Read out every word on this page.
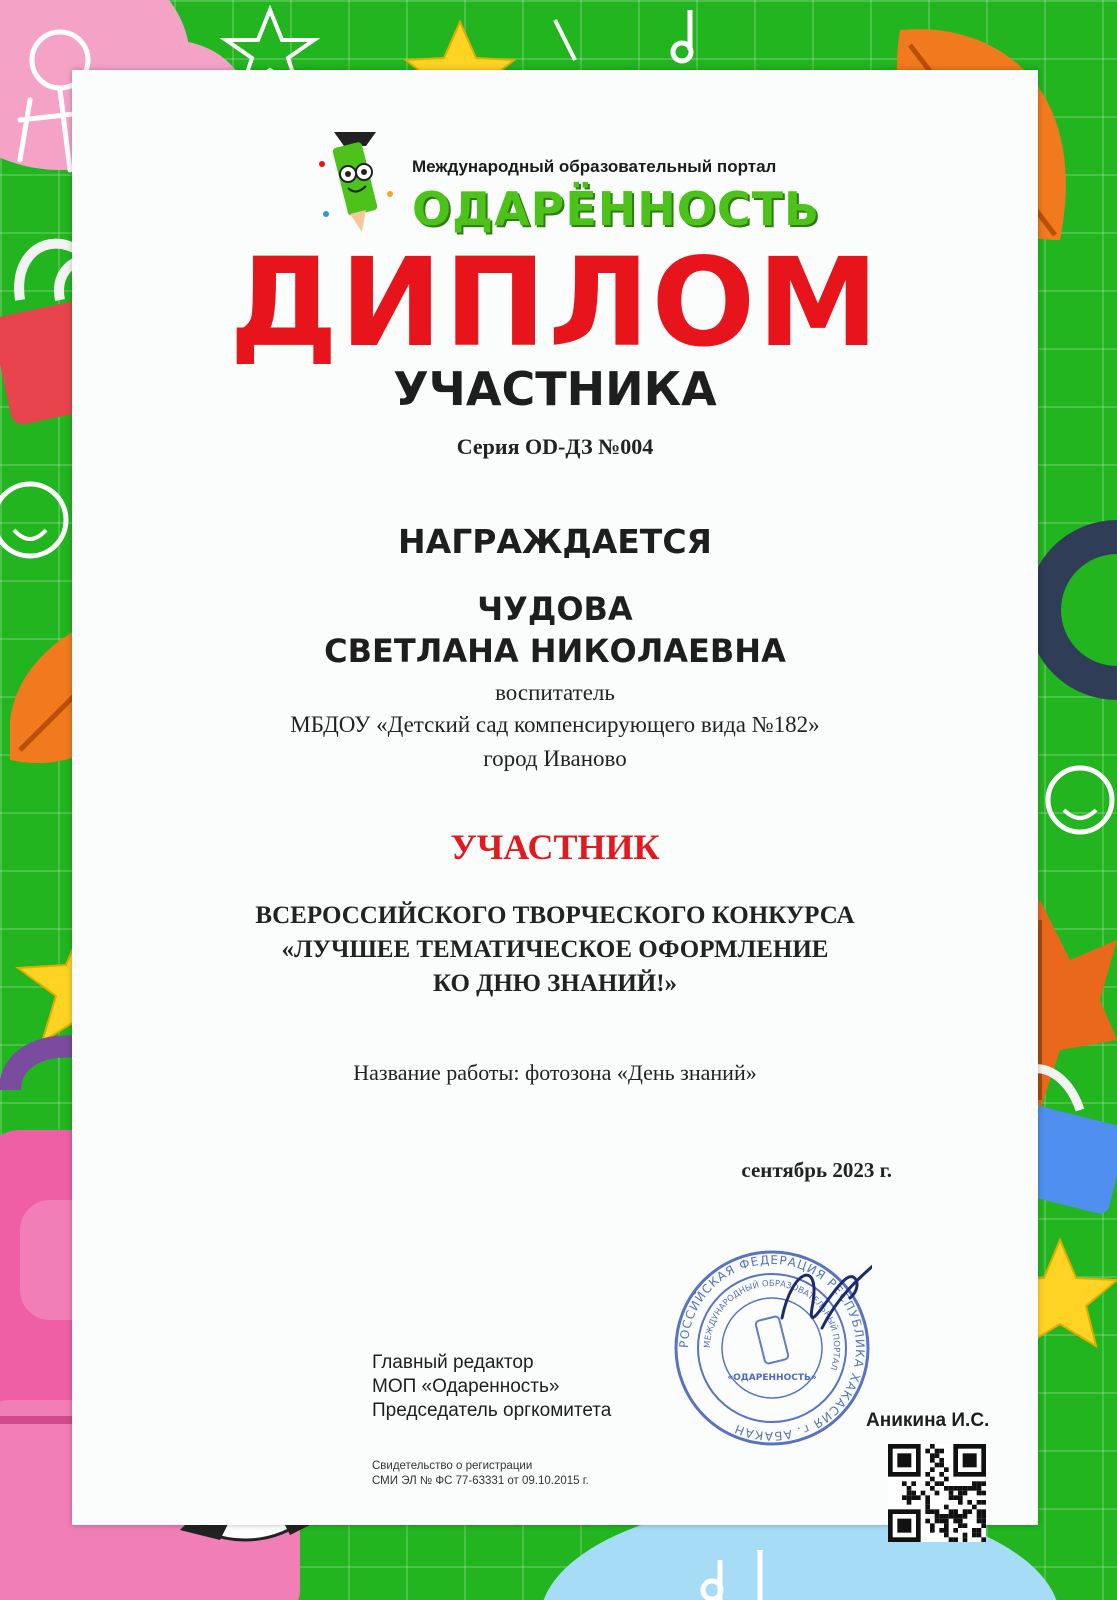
Международный образовательный портал
ОДАРЁННОСТЬ
ДИПЛОМ
УЧАСТНИКА
Серия OD-ДЗ №004
НАГРАЖДАЕТСЯ
ЧУДОВА
СВЕТЛАНА НИКОЛАЕВНА
воспитатель
МБДОУ «Детский сад компенсирующего вида №182»
город Иваново
УЧАСТНИК
ВСЕРОССИЙСКОГО ТВОРЧЕСКОГО КОНКУРСА
«ЛУЧШЕЕ ТЕМАТИЧЕСКОЕ ОФОРМЛЕНИЕ
КО ДНЮ ЗНАНИЙ!»
Название работы: фотозона «День знаний»
сентябрь 2023 г.
Главный редактор
МОП «Одаренность»
Председатель оргкомитета
Свидетельство о регистрации
СМИ ЭЛ № ФС 77-63331 от 09.10.2015 г.
РОССИЙСКАЯ ФЕДЕРАЦИЯ РЕСПУБЛИКА ХАКАСИЯ г. АБАКАН
МЕЖДУНАРОДНЫЙ ОБРАЗОВАТЕЛЬНЫЙ ПОРТАЛ
«ОДАРЕННОСТЬ»
Аникина И.С.
